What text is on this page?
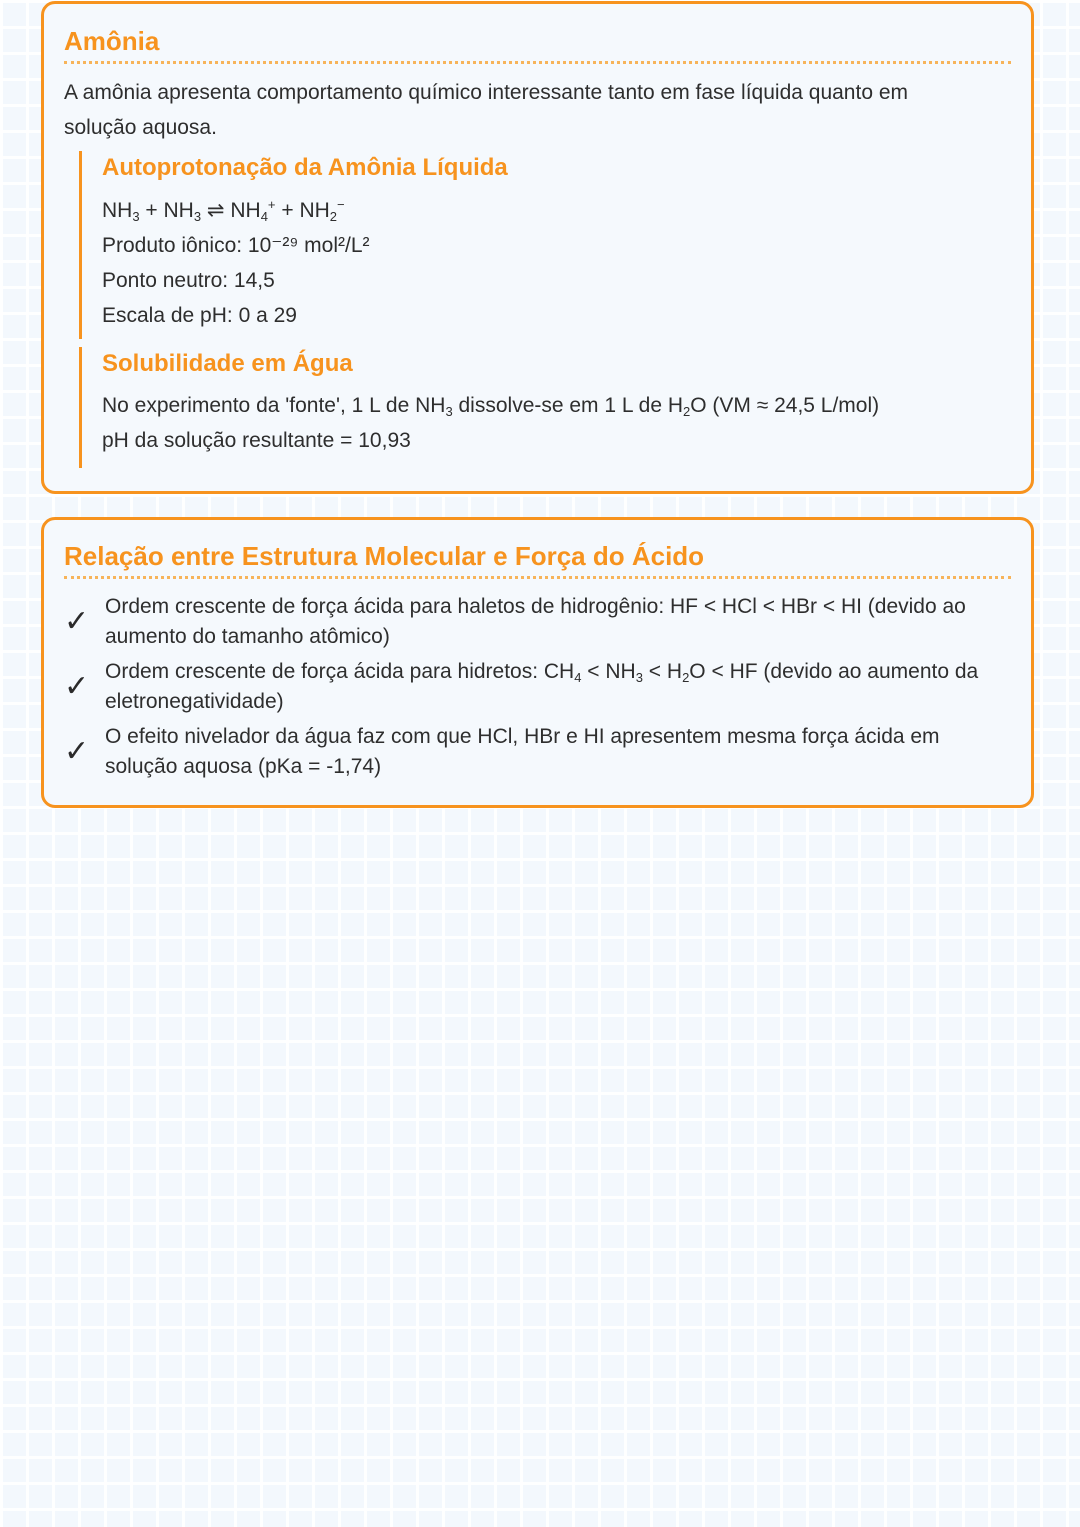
Amônia

A amônia apresenta comportamento químico interessante tanto em fase líquida quanto em solução aquosa.

Autoprotonação da Amônia Líquida
$NH_3 + NH_3$ ⇌ $NH_4^+ + NH_2^-$
Produto iônico: 10⁻²⁹ mol²/L²
Ponto neutro: 14,5
Escala de pH: 0 a 29
Solubilidade em Água
No experimento da 'fonte', 1 L de $NH_3$ dissolve-se em 1 L de $H_2O$ (VM ≈ 24,5 L/mol)
pH da solução resultante = 10,93
Relação entre Estrutura Molecular e Força do Ácido
✓ Ordem crescente de força ácida para haletos de hidrogênio: HF < HCl < HBr < HI (devido ao aumento do tamanho atômico)

✓ Ordem crescente de força ácida para hidretos: $CH_4 < NH_3 < H_2O$ < HF (devido ao aumento da eletronegatividade)

✓ O efeito nivelador da água faz com que HCl, HBr e HI apresentem mesma força ácida em solução aquosa (pKa = -1,74)
